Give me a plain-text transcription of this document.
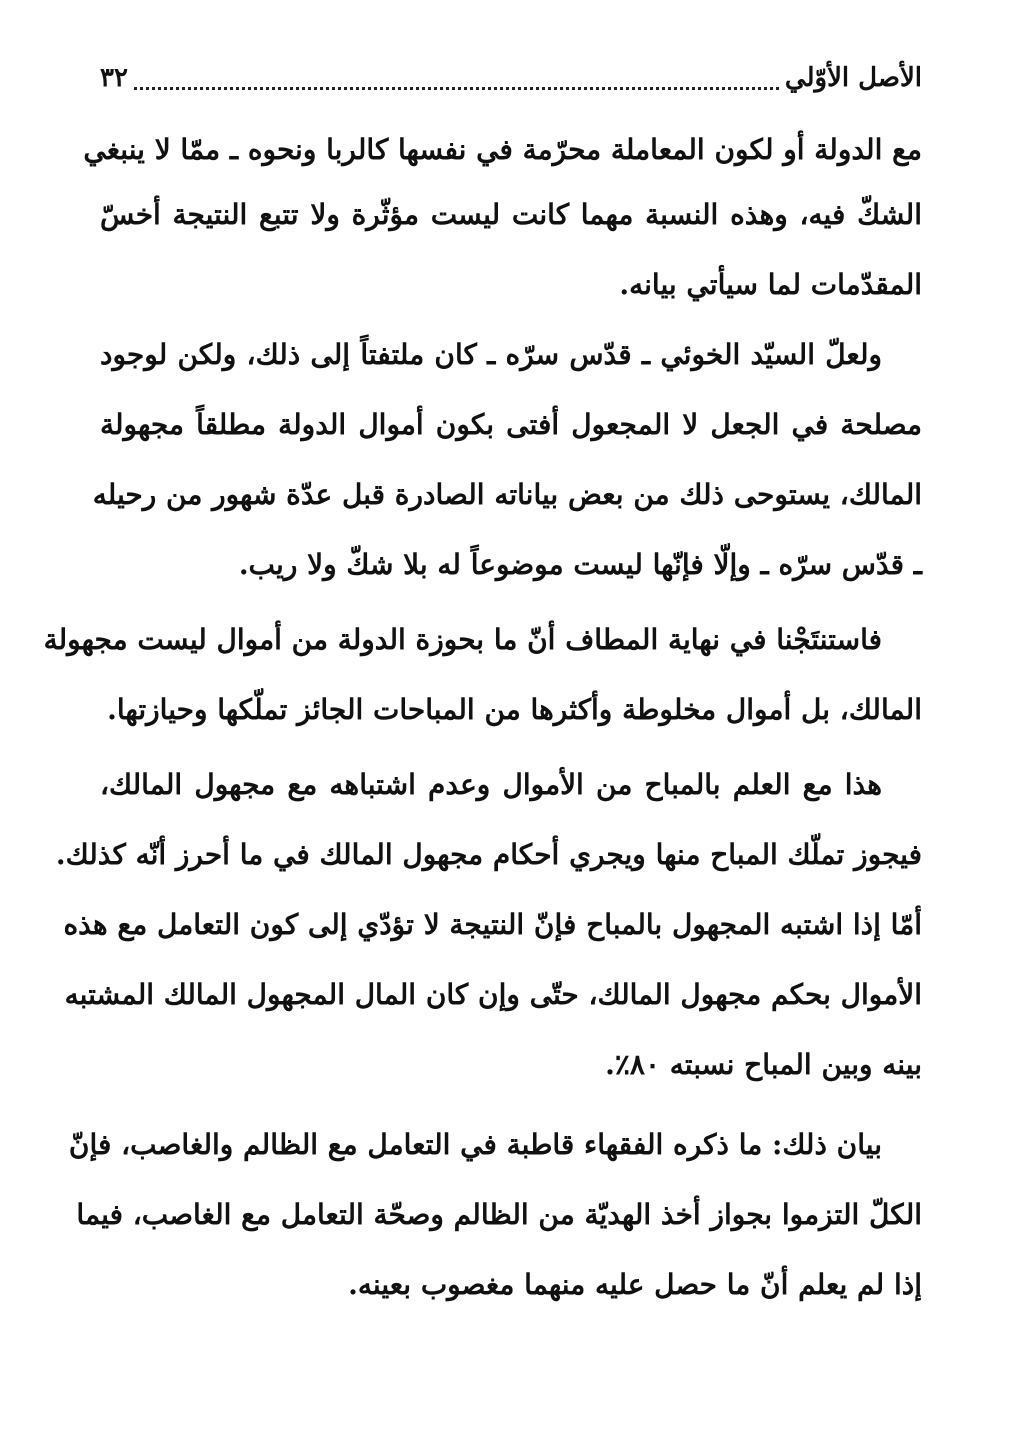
الأصل الأوّلي
٣٢
مع الدولة أو لكون المعاملة محرّمة في نفسها كالربا ونحوه ـ ممّا لا ينبغي
الشكّ فيه، وهذه النسبة مهما كانت ليست مؤثّرة ولا تتبع النتيجة أخسّ
المقدّمات لما سيأتي بيانه.
ولعلّ السيّد الخوئي ـ قدّس سرّه ـ كان ملتفتاً إلى ذلك، ولكن لوجود
مصلحة في الجعل لا المجعول أفتى بكون أموال الدولة مطلقاً مجهولة
المالك، يستوحى ذلك من بعض بياناته الصادرة قبل عدّة شهور من رحيله
ـ قدّس سرّه ـ وإلّا فإنّها ليست موضوعاً له بلا شكّ ولا ريب.
فاستنتَجْنا في نهاية المطاف أنّ ما بحوزة الدولة من أموال ليست مجهولة
المالك، بل أموال مخلوطة وأكثرها من المباحات الجائز تملّكها وحيازتها.
هذا مع العلم بالمباح من الأموال وعدم اشتباهه مع مجهول المالك،
فيجوز تملّك المباح منها ويجري أحكام مجهول المالك في ما أحرز أنّه كذلك.
أمّا إذا اشتبه المجهول بالمباح فإنّ النتيجة لا تؤدّي إلى كون التعامل مع هذه
الأموال بحكم مجهول المالك، حتّى وإن كان المال المجهول المالك المشتبه
بينه وبين المباح نسبته ٨٠٪.
بيان ذلك: ما ذكره الفقهاء قاطبة في التعامل مع الظالم والغاصب، فإنّ
الكلّ التزموا بجواز أخذ الهديّة من الظالم وصحّة التعامل مع الغاصب، فيما
إذا لم يعلم أنّ ما حصل عليه منهما مغصوب بعينه.
